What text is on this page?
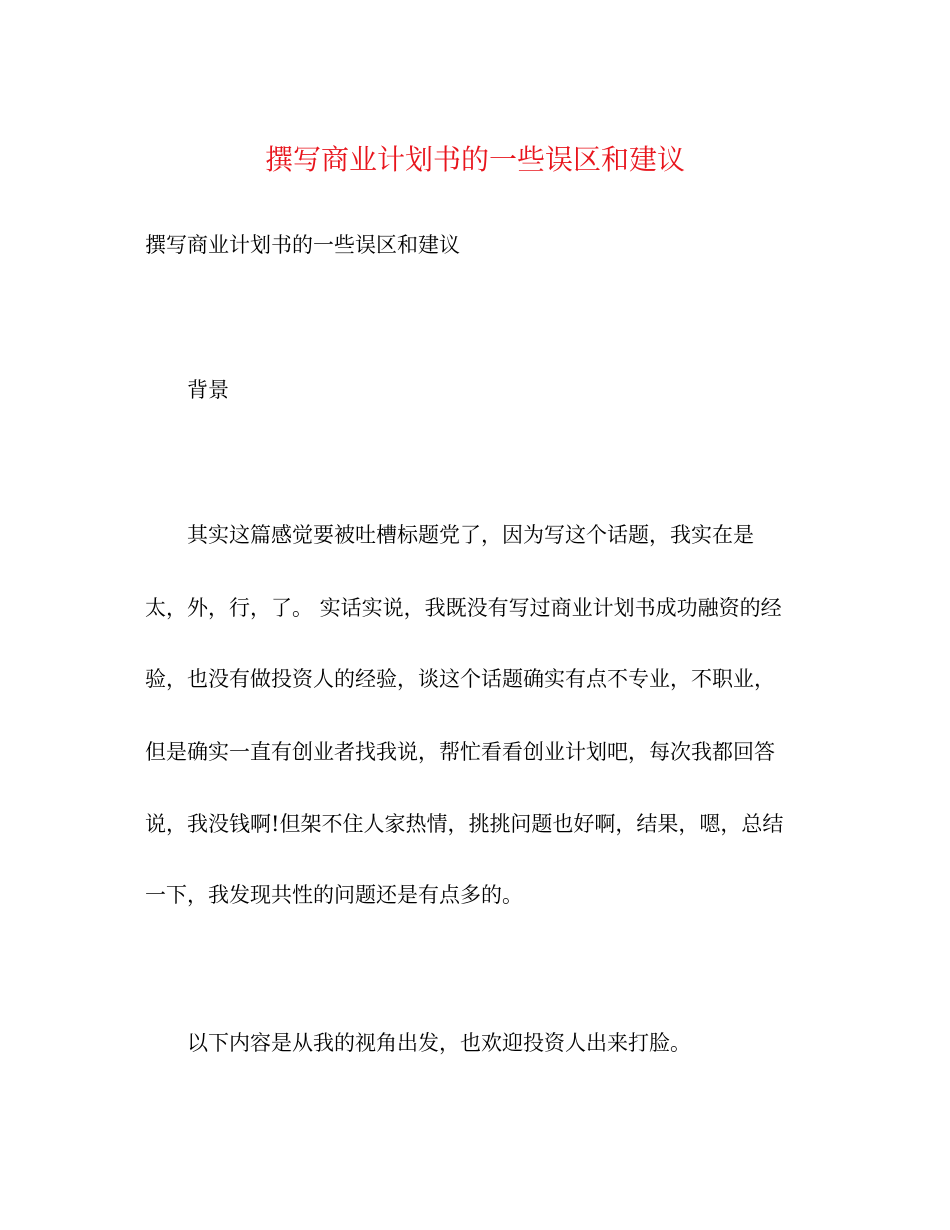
撰写商业计划书的一些误区和建议

撰写商业计划书的一些误区和建议

背景

其实这篇感觉要被吐槽标题党了，因为写这个话题，我实在是

太，外，行，了。 实话实说，我既没有写过商业计划书成功融资的经

验，也没有做投资人的经验，谈这个话题确实有点不专业，不职业，

但是确实一直有创业者找我说，帮忙看看创业计划吧，每次我都回答

说，我没钱啊!但架不住人家热情，挑挑问题也好啊，结果，嗯，总结

一下，我发现共性的问题还是有点多的。

以下内容是从我的视角出发，也欢迎投资人出来打脸。
